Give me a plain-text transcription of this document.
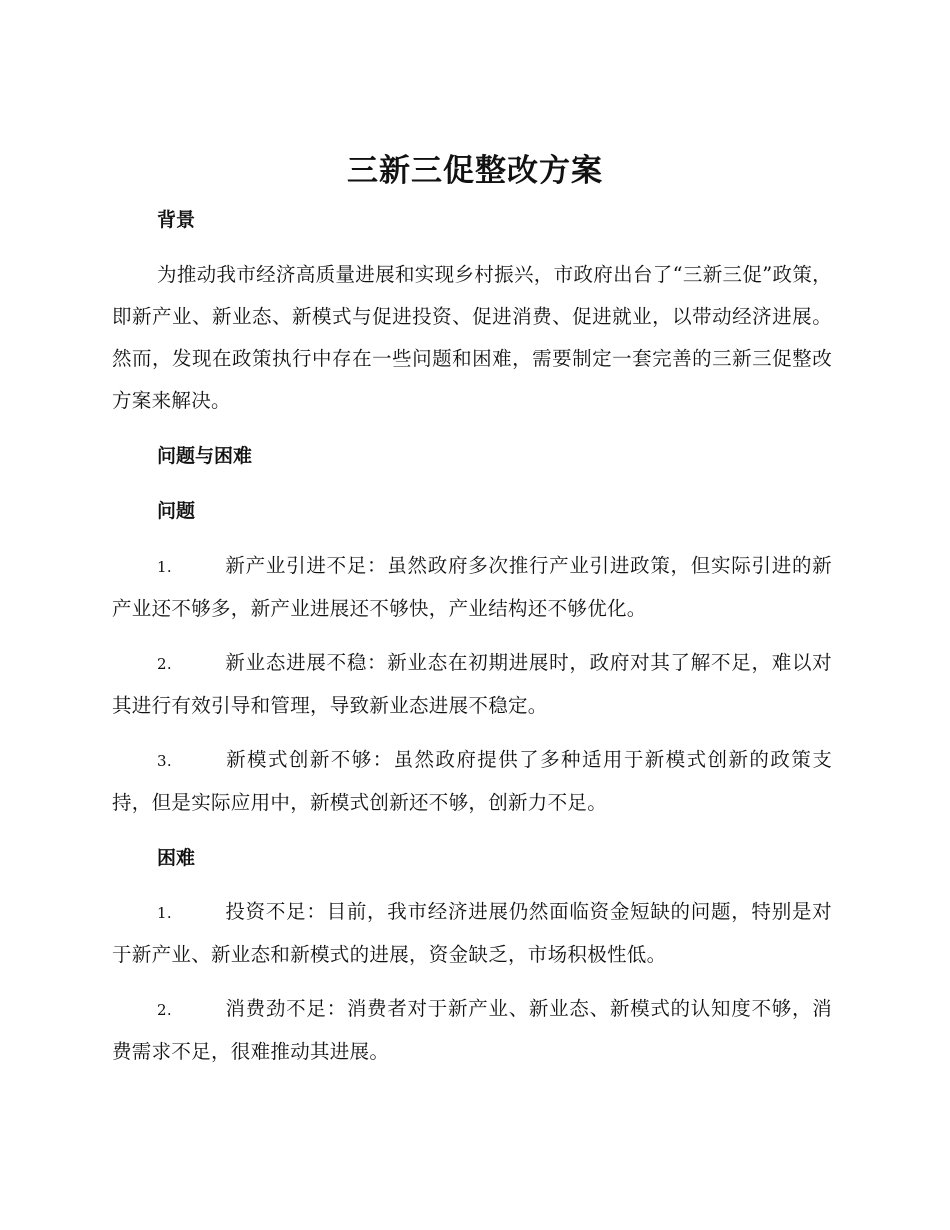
三新三促整改方案
背景
为推动我市经济高质量进展和实现乡村振兴，市政府出台了“三新三促”政策，即新产业、新业态、新模式与促进投资、促进消费、促进就业，以带动经济进展。然而，发现在政策执行中存在一些问题和困难，需要制定一套完善的三新三促整改方案来解决。
问题与困难
问题
1.	新产业引进不足：虽然政府多次推行产业引进政策，但实际引进的新产业还不够多，新产业进展还不够快，产业结构还不够优化。
2.	新业态进展不稳：新业态在初期进展时，政府对其了解不足，难以对其进行有效引导和管理，导致新业态进展不稳定。
3.	新模式创新不够：虽然政府提供了多种适用于新模式创新的政策支持，但是实际应用中，新模式创新还不够，创新力不足。
困难
1.	投资不足：目前，我市经济进展仍然面临资金短缺的问题，特别是对于新产业、新业态和新模式的进展，资金缺乏，市场积极性低。
2.	消费劲不足：消费者对于新产业、新业态、新模式的认知度不够，消费需求不足，很难推动其进展。
